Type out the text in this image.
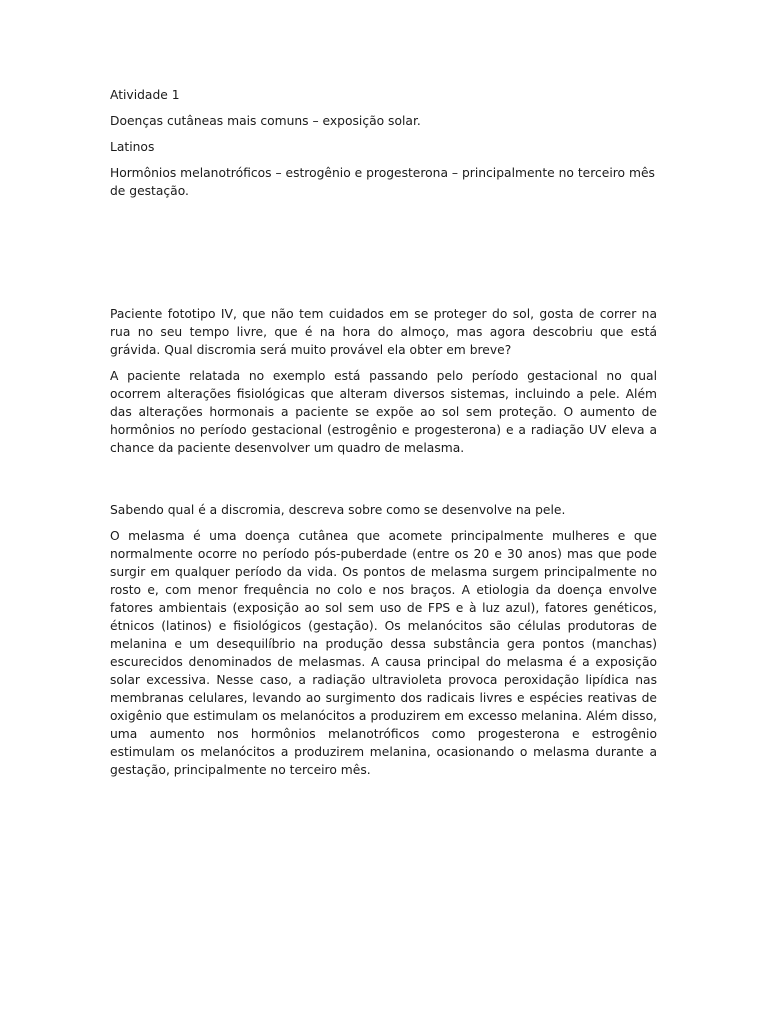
Atividade 1

Doenças cutâneas mais comuns – exposição solar.

Latinos

Hormônios melanotróficos – estrogênio e progesterona – principalmente no terceiro mês de gestação.

Paciente fototipo IV, que não tem cuidados em se proteger do sol, gosta de correr na rua no seu tempo livre, que é na hora do almoço, mas agora descobriu que está grávida. Qual discromia será muito provável ela obter em breve?

A paciente relatada no exemplo está passando pelo período gestacional no qual ocorrem alterações fisiológicas que alteram diversos sistemas, incluindo a pele. Além das alterações hormonais a paciente se expõe ao sol sem proteção. O aumento de hormônios no período gestacional (estrogênio e progesterona) e a radiação UV eleva a chance da paciente desenvolver um quadro de melasma.

Sabendo qual é a discromia, descreva sobre como se desenvolve na pele.

O melasma é uma doença cutânea que acomete principalmente mulheres e que normalmente ocorre no período pós-puberdade (entre os 20 e 30 anos) mas que pode surgir em qualquer período da vida. Os pontos de melasma surgem principalmente no rosto e, com menor frequência no colo e nos braços. A etiologia da doença envolve fatores ambientais (exposição ao sol sem uso de FPS e à luz azul), fatores genéticos, étnicos (latinos) e fisiológicos (gestação). Os melanócitos são células produtoras de melanina e um desequilíbrio na produção dessa substância gera pontos (manchas) escurecidos denominados de melasmas. A causa principal do melasma é a exposição solar excessiva. Nesse caso, a radiação ultravioleta provoca peroxidação lipídica nas membranas celulares, levando ao surgimento dos radicais livres e espécies reativas de oxigênio que estimulam os melanócitos a produzirem em excesso melanina. Além disso, uma aumento nos hormônios melanotróficos como progesterona e estrogênio estimulam os melanócitos a produzirem melanina, ocasionando o melasma durante a gestação, principalmente no terceiro mês.
